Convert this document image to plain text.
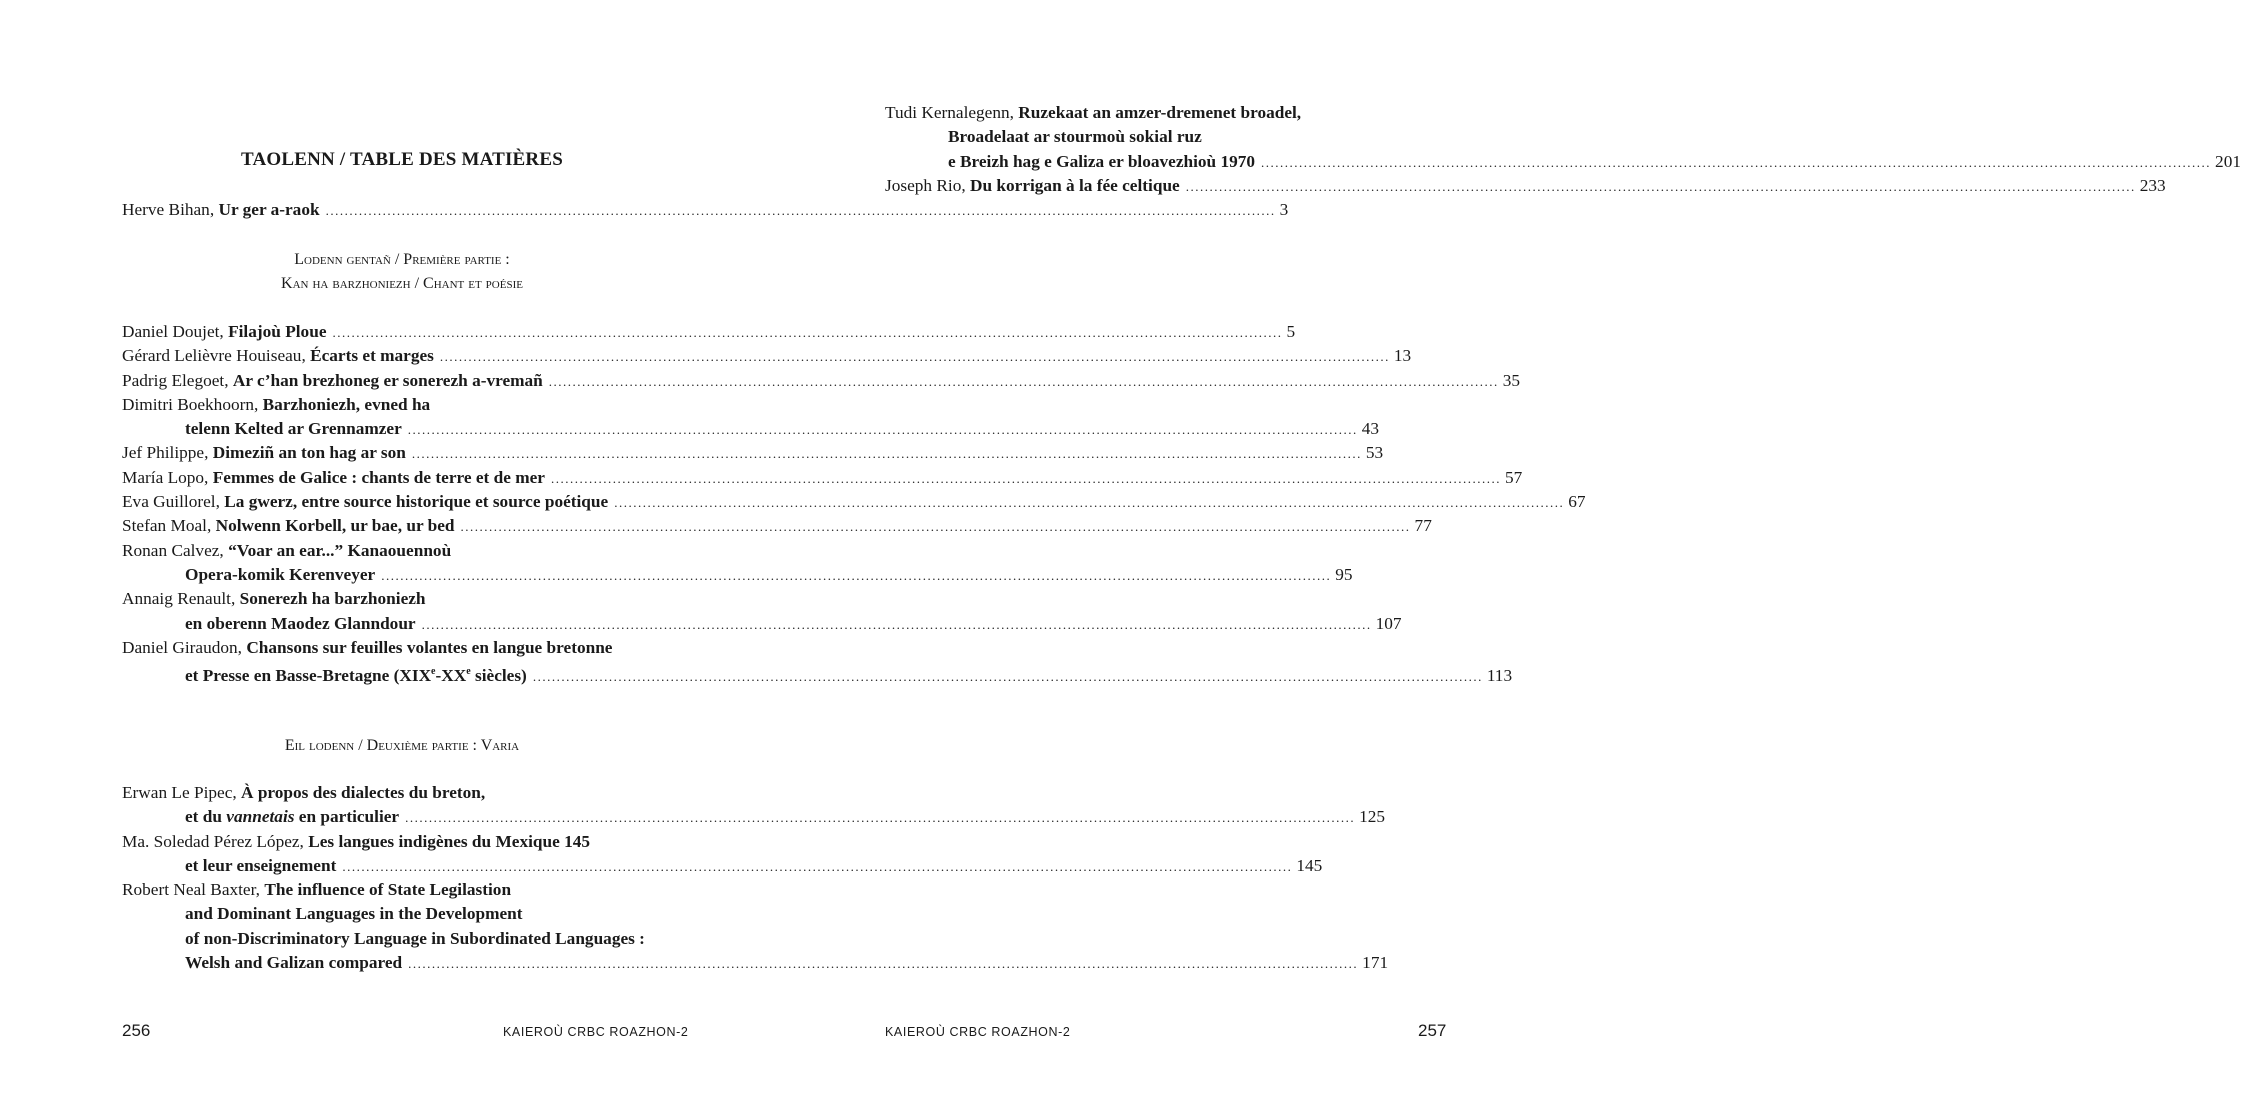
TAOLENN / TABLE DES MATIÈRES
Herve Bihan, Ur ger a-raok ........................................................................................................................................................................................................ 3
Lodenn gentañ / Première partie :
Kan ha barzhoniezh / Chant et poésie
Daniel Doujet, Filajoù Ploue ........................................................................................................................................................................................................ 5
Gérard Lelièvre Houiseau, Écarts et marges ........................................................................................................................................................................................................ 13
Padrig Elegoet, Ar c’han brezhoneg er sonerezh a-vremañ ........................................................................................................................................................................................................ 35
Dimitri Boekhoorn, Barzhoniezh, evned ha
telenn Kelted ar Grennamzer ........................................................................................................................................................................................................ 43
Jef Philippe, Dimeziñ an ton hag ar son ........................................................................................................................................................................................................ 53
María Lopo, Femmes de Galice : chants de terre et de mer ........................................................................................................................................................................................................ 57
Eva Guillorel, La gwerz, entre source historique et source poétique ........................................................................................................................................................................................................ 67
Stefan Moal, Nolwenn Korbell, ur bae, ur bed ........................................................................................................................................................................................................ 77
Ronan Calvez, “Voar an ear...” Kanaouennoù
Opera-komik Kerenveyer ........................................................................................................................................................................................................ 95
Annaig Renault, Sonerezh ha barzhoniezh
en oberenn Maodez Glanndour ........................................................................................................................................................................................................ 107
Daniel Giraudon, Chansons sur feuilles volantes en langue bretonne
et Presse en Basse-Bretagne (XIXe-XXe siècles) ........................................................................................................................................................................................................ 113
Eil lodenn / Deuxième partie : Varia
Erwan Le Pipec, À propos des dialectes du breton,
et du vannetais en particulier ........................................................................................................................................................................................................ 125
Ma. Soledad Pérez López, Les langues indigènes du Mexique 145
et leur enseignement ........................................................................................................................................................................................................ 145
Robert Neal Baxter, The influence of State Legilastion
and Dominant Languages in the Development
of non-Discriminatory Language in Subordinated Languages :
Welsh and Galizan compared ........................................................................................................................................................................................................ 171
256	KAIEROÙ CRBC ROAZHON-2
Tudi Kernalegenn, Ruzekaat an amzer-dremenet broadel,
Broadelaat ar stourmoù sokial ruz
e Breizh hag e Galiza er bloavezhioù 1970 ........................................................................................................................................................................................................ 201
Joseph Rio, Du korrigan à la fée celtique ........................................................................................................................................................................................................ 233
KAIEROÙ CRBC ROAZHON-2	257
